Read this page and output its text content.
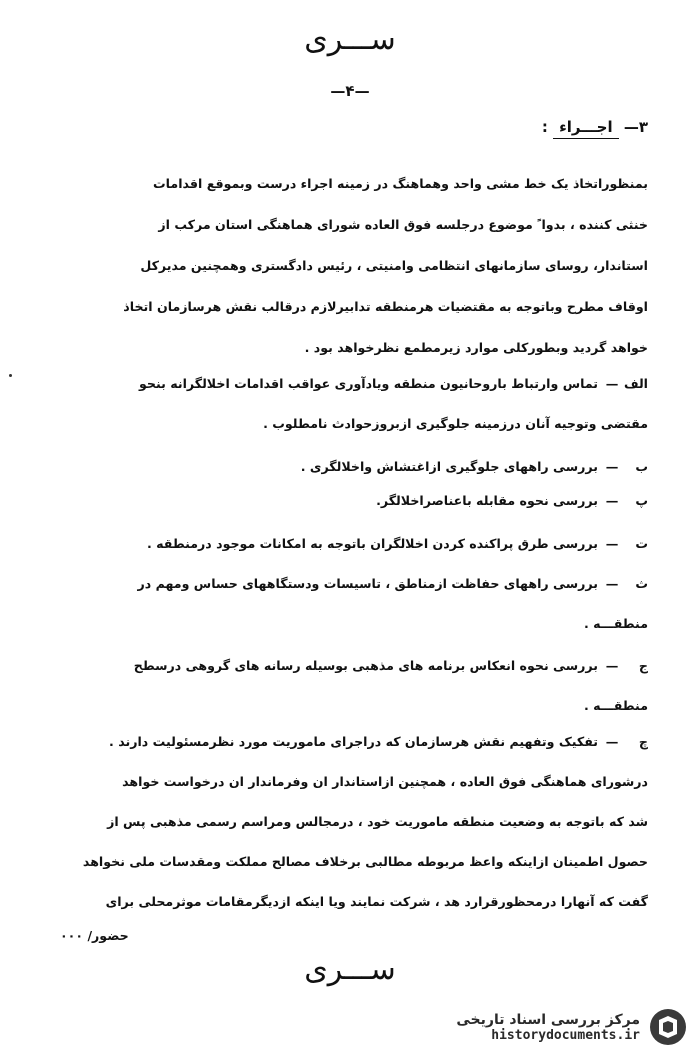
ســـرى
—۴—
۳— اجـــراء :
بمنظوراتخاذ یک خط مشی واحد وهماهنگ در زمینه اجراء درست وبموقع اقدامات
خنثی کننده ، بدوا ً موضوع درجلسه فوق العاده شورای هماهنگی استان مرکب از
استاندار، روسای سازمانهای انتظامی وامنیتی ، رئیس دادگستری وهمچنین مدیرکل
اوقاف مطرح وباتوجه به مقتضیات هرمنطقه تدابیرلازم درقالب نقش هرسازمان اتخاذ
خواهد گردید وبطورکلی موارد زیرمطمع نظرخواهد بود .
الف
—
تماس وارتباط باروحانیون منطقه ویادآوری عواقب اقدامات اخلالگرانه بنحو
مقتضی وتوجیه آنان درزمینه جلوگیری ازبروزحوادث نامطلوب .
ب
—
بررسی راههای جلوگیری ازاغتشاش واخلالگری .
پ
—
بررسی نحوه مقابله باعناصراخلالگر.
ت
—
بررسی طرق پراکنده کردن اخلالگران باتوجه به امکانات موجود درمنطقه .
ث
—
بررسی راههای حفاظت ازمناطق ، تاسیسات ودستگاههای حساس ومهم در
منطقـــه .
ج
—
بررسی نحوه انعکاس برنامه های مذهبی بوسیله رسانه های گروهی درسطح
منطقـــه .
چ
—
تفکیک وتفهیم نقش هرسازمان که دراجرای ماموریت مورد نظرمسئولیت دارند .
درشورای هماهنگی فوق العاده ، همچنین ازاستاندار ان وفرماندار ان درخواست خواهد
شد که باتوجه به وضعیت منطقه ماموریت خود ، درمجالس ومراسم رسمی مذهبی پس از
حصول اطمینان ازاینکه واعظ مربوطه مطالبی برخلاف مصالح مملکت ومقدسات ملی نخواهد
گفت که آنهارا درمحظورقرارد هد ، شرکت نمایند ویا اینکه ازدیگرمقامات موثرمحلی برای
حضور/ ۰۰۰
ســـرى
مرکز بررسی اسناد تاریخی
historydocuments.ir
